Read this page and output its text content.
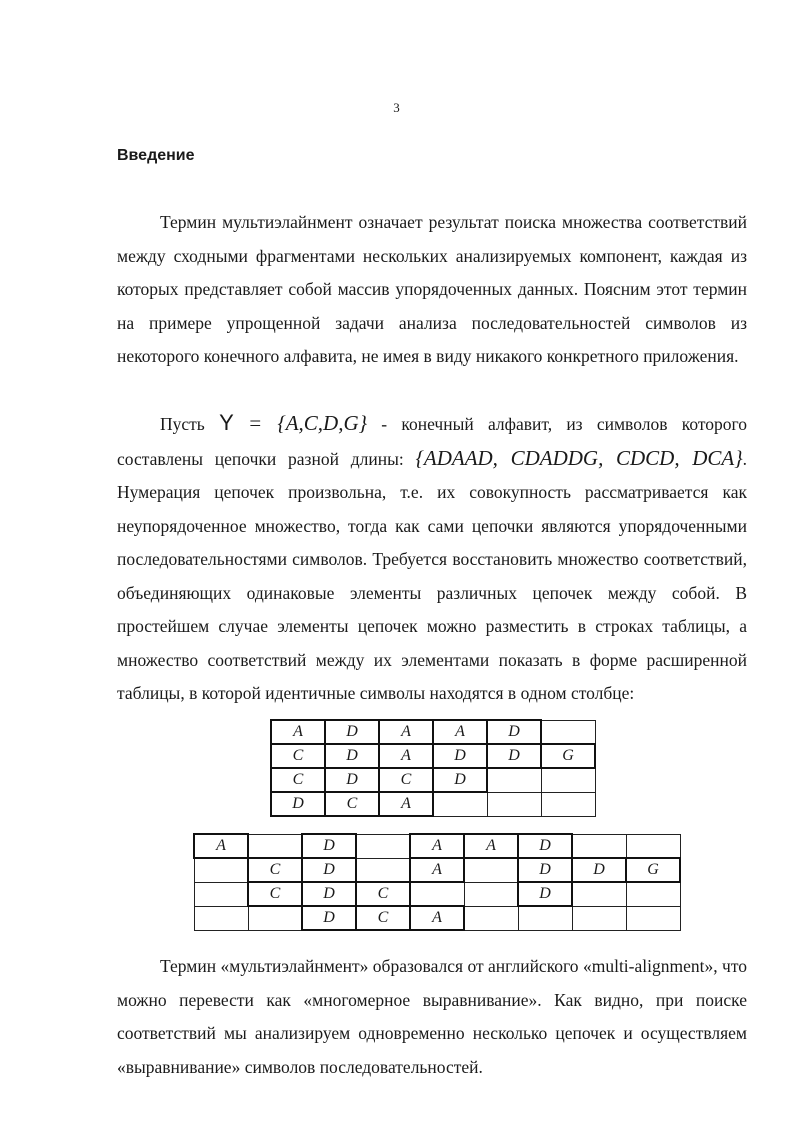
3
Введение

Термин мультиэлайнмент означает результат поиска множества соответствий между сходными фрагментами нескольких анализируемых компонент, каждая из которых представляет собой массив упорядоченных данных. Поясним этот термин на примере упрощенной задачи анализа последовательностей символов из некоторого конечного алфавита, не имея в виду никакого конкретного приложения.

Пусть Y = {A,C,D,G} - конечный алфавит, из символов которого составлены цепочки разной длины: {ADAAD, CDADDG, CDCD, DCA}. Нумерация цепочек произвольна, т.е. их совокупность рассматривается как неупорядоченное множество, тогда как сами цепочки являются упорядоченными последовательностями символов. Требуется восстановить множество соответствий, объединяющих одинаковые элементы различных цепочек между собой. В простейшем случае элементы цепочек можно разместить в строках таблицы, а множество соответствий между их элементами показать в форме расширенной таблицы, в которой идентичные символы находятся в одном столбце:

A	D	A	A	D	
C	D	A	D	D	G
C	D	C	D		
D	C	A			
A		D		A	A	D		
	C	D		A		D	D	G
	C	D	C			D		
		D	C	A				

Термин «мультиэлайнмент» образовался от английского «multi-alignment», что можно перевести как «многомерное выравнивание». Как видно, при поиске соответствий мы анализируем одновременно несколько цепочек и осуществляем «выравнивание» символов последовательностей.
